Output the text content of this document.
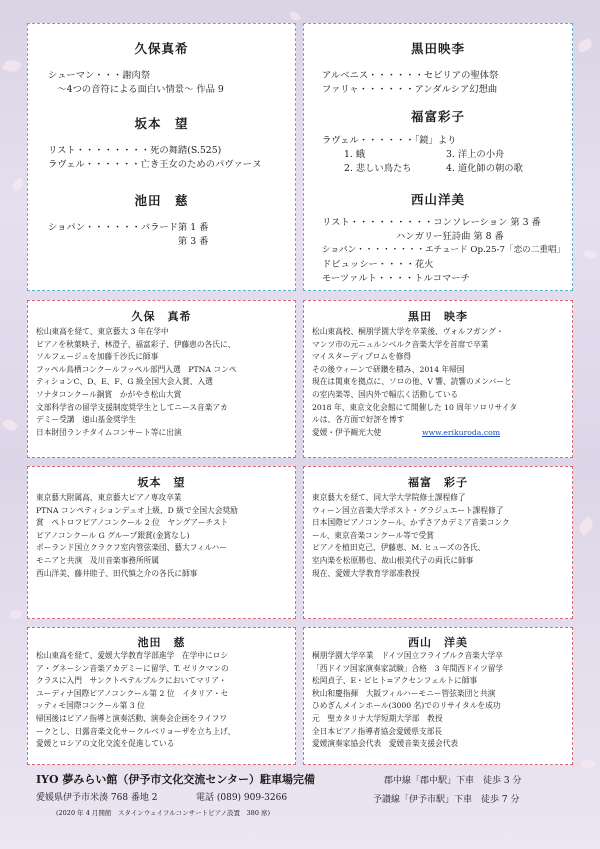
久保真希
シューマン・・・謝肉祭
　～4つの音符による面白い情景～ 作品 9
坂本　望
リスト・・・・・・・・死の舞踏(S.525)
ラヴェル・・・・・・亡き王女のためのパヴァーヌ
池田　慈
ショパン・・・・・・バラード第 1 番
第 3 番
黒田映李
アルベニス・・・・・・セビリアの聖体祭
ファリャ・・・・・・アンダルシア幻想曲
福富彩子
ラヴェル・・・・・・「鏡」より
1. 蛾	3. 洋上の小舟
2. 悲しい鳥たち	4. 道化師の朝の歌
西山洋美
リスト・・・・・・・・・コンソレーション 第 3 番
ハンガリー狂詩曲 第 8 番
ショパン・・・・・・・・エチュード Op.25-7「恋の二重唱」
ドビュッシー・・・・花火
モーツァルト・・・・トルコマーチ
久保　真希
松山東高を経て、東京藝大 3 年在学中
ピアノを秋葉映子、林澄子、福富彩子、伊藤恵の各氏に、
ソルフェージュを加藤千沙氏に師事
フッペル鳥栖コンクールフッペル部門入選　PTNA コンペ
ティションC、D、E、F、G 級全国大会入賞、入選
ソナタコンクール銅賞　かがやき松山大賞
文部科学省の留学支援制度奨学生としてニース音楽アカ
デミー受講　遠山基金奨学生
日本財団ランチタイムコンサート等に出演
黒田　映李
松山東高校、桐朋学園大学を卒業後、ヴォルフガング・
マンツ市の元ニュルンベルク音楽大学を首席で卒業
マイスターディプロムを修得
その後ウィーンで研鑽を積み、2014 年帰国
現在は関東を拠点に、ソロの他、V 響、読響のメンバーと
の室内楽等、国内外で幅広く活動している
2018 年、東京文化会館にて開催した 10 周年ソロリサイタ
ルは、各方面で好評を博す
愛媛・伊予観光大使	www.erikuroda.com
坂本　望
東京藝大附属高、東京藝大ピアノ専攻卒業
PTNA コンペティションデュオ上級、D 級で全国大会奨励
賞　ペトロフピアノコンクール 2 位　ヤングアーチスト
ピアノコンクール G グループ銀賞(金賞なし)
ポーランド国立クラクフ室内管弦楽団、藝大フィルハー
モニアと共演　及川音楽事務所所属
西山洋美、藤井睦子、田代慎之介の各氏に師事
福富　彩子
東京藝大を経て、同大学大学院修士課程修了
ウィーン国立音楽大学ポスト・グラジュエート課程修了
日本国際ピアノコンクール、かずさアカデミア音楽コンク
ール、東京音楽コンクール等で受賞
ピアノを植田克己、伊藤恵、M. ヒューズの各氏、
室内楽を松原勝也、故山根美代子の両氏に師事
現在、愛媛大学教育学部准教授
池田　慈
松山東高を経て、愛媛大学教育学部進学　在学中にロシ
ア・グネーシン音楽アカデミーに留学、T. ゼリクマンの
クラスに入門　サンクトペテルブルクにおいてマリア・
ユーディナ国際ピアノコンクール第 2 位　イタリア・セ
ッティモ国際コンクール第 3 位
帰国後はピアノ指導と演奏活動、演奏会企画をライフワ
ークとし、日露音楽文化サークルベリョーザを立ち上げ、
愛媛とロシアの文化交流を促進している
西山　洋美
桐朋学園大学卒業　ドイツ国立フライブルク音楽大学卒
「西ドイツ国家演奏家試験」合格　3 年間西ドイツ留学
松岡貞子、E・ピヒト=アクセンフェルトに師事
秋山和慶指揮　大阪フィルハーモニー管弦楽団と共演
ひめぎんメインホール(3000 名)でのリサイタルを成功
元　聖カタリナ大学短期大学部　教授
全日本ピアノ指導者協会愛媛県支部長
愛媛演奏家協会代表　愛媛音楽支援会代表
IYO 夢みらい館（伊予市文化交流センター）駐車場完備
愛媛県伊予市米湊 768 番地 2	電話 (089) 909-3266
(2020 年 4 月開館　スタインウェイフルコンサートピアノ設置　380 席)
郡中線「郡中駅」下車　徒歩 3 分
予讃線「伊予市駅」下車　徒歩 7 分
